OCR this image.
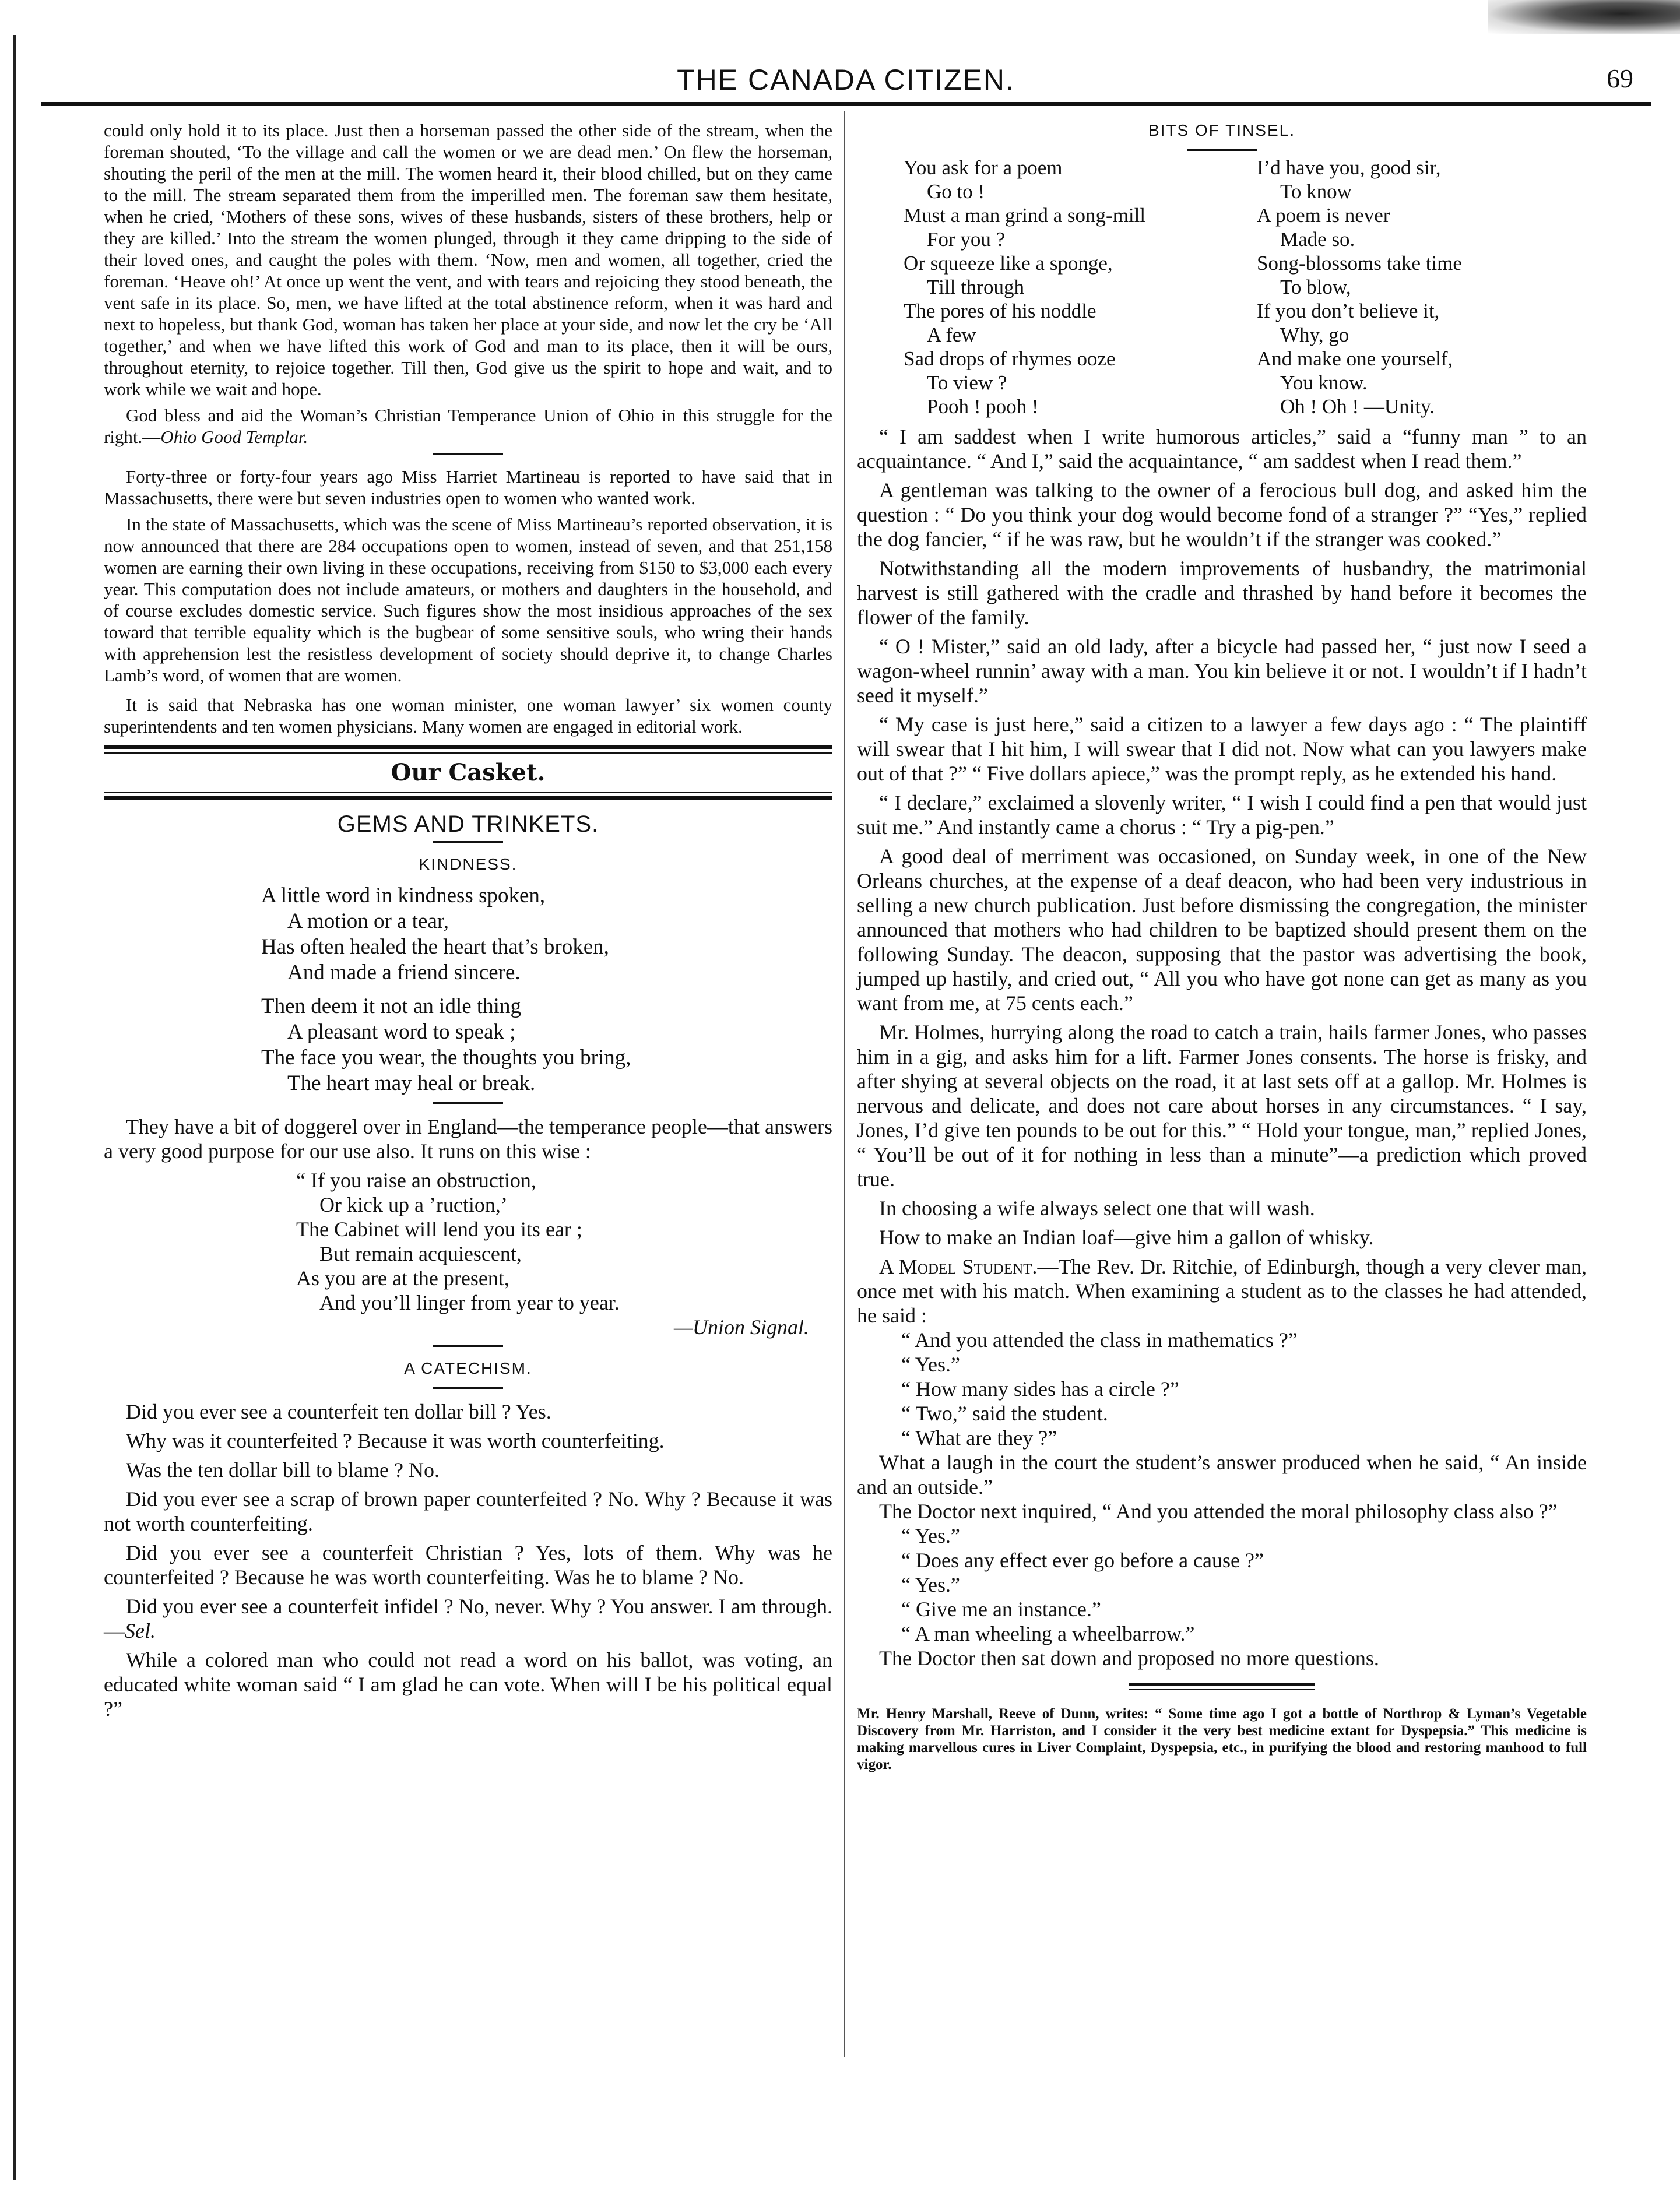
THE CANADA CITIZEN.	69

could only hold it to its place. Just then a horseman passed the other side of the stream, when the foreman shouted, ‘To the village and call the women or we are dead men.’ On flew the horseman, shouting the peril of the men at the mill. The women heard it, their blood chilled, but on they came to the mill. The stream separated them from the imperilled men. The foreman saw them hesitate, when he cried, ‘Mothers of these sons, wives of these husbands, sisters of these brothers, help or they are killed.’ Into the stream the women plunged, through it they came dripping to the side of their loved ones, and caught the poles with them. ‘Now, men and women, all together, cried the foreman. ‘Heave oh!’ At once up went the vent, and with tears and rejoicing they stood beneath, the vent safe in its place. So, men, we have lifted at the total abstinence reform, when it was hard and next to hopeless, but thank God, woman has taken her place at your side, and now let the cry be ‘All together,’ and when we have lifted this work of God and man to its place, then it will be ours, throughout eternity, to rejoice together. Till then, God give us the spirit to hope and wait, and to work while we wait and hope.

God bless and aid the Woman’s Christian Temperance Union of Ohio in this struggle for the right.—Ohio Good Templar.

Forty-three or forty-four years ago Miss Harriet Martineau is reported to have said that in Massachusetts, there were but seven industries open to women who wanted work.

In the state of Massachusetts, which was the scene of Miss Martineau’s reported observation, it is now announced that there are 284 occupations open to women, instead of seven, and that 251,158 women are earning their own living in these occupations, receiving from $150 to $3,000 each every year. This computation does not include amateurs, or mothers and daughters in the household, and of course excludes domestic service. Such figures show the most insidious approaches of the sex toward that terrible equality which is the bugbear of some sensitive souls, who wring their hands with apprehension lest the resistless development of society should deprive it, to change Charles Lamb’s word, of women that are women.

It is said that Nebraska has one woman minister, one woman lawyer’ six women county superintendents and ten women physicians. Many women are engaged in editorial work.

Our Casket.
GEMS AND TRINKETS.
KINDNESS.
A little word in kindness spoken,
A motion or a tear,
Has often healed the heart that’s broken,
And made a friend sincere.
Then deem it not an idle thing
A pleasant word to speak ;
The face you wear, the thoughts you bring,
The heart may heal or break.

They have a bit of doggerel over in England—the temperance people—that answers a very good purpose for our use also. It runs on this wise :

“ If you raise an obstruction,
Or kick up a ’ruction,’
The Cabinet will lend you its ear ;
But remain acquiescent,
As you are at the present,
And you’ll linger from year to year.
—Union Signal.
A CATECHISM.

Did you ever see a counterfeit ten dollar bill ? Yes.

Why was it counterfeited ? Because it was worth counterfeiting.

Was the ten dollar bill to blame ? No.

Did you ever see a scrap of brown paper counterfeited ? No. Why ? Because it was not worth counterfeiting.

Did you ever see a counterfeit Christian ? Yes, lots of them. Why was he counterfeited ? Because he was worth counterfeiting. Was he to blame ? No.

Did you ever see a counterfeit infidel ? No, never. Why ? You answer. I am through.—Sel.

While a colored man who could not read a word on his ballot, was voting, an educated white woman said “ I am glad he can vote. When will I be his political equal ?”

BITS OF TINSEL.
You ask for a poem
Go to !
Must a man grind a song-mill
For you ?
Or squeeze like a sponge,
Till through
The pores of his noddle
A few
Sad drops of rhymes ooze
To view ?
Pooh ! pooh !
I’d have you, good sir,
To know
A poem is never
Made so.
Song-blossoms take time
To blow,
If you don’t believe it,
Why, go
And make one yourself,
You know.
Oh ! Oh ! —Unity.

“ I am saddest when I write humorous articles,” said a “funny man ” to an acquaintance. “ And I,” said the acquaintance, “ am saddest when I read them.”

A gentleman was talking to the owner of a ferocious bull dog, and asked him the question : “ Do you think your dog would become fond of a stranger ?” “Yes,” replied the dog fancier, “ if he was raw, but he wouldn’t if the stranger was cooked.”

Notwithstanding all the modern improvements of husbandry, the matrimonial harvest is still gathered with the cradle and thrashed by hand before it becomes the flower of the family.

“ O ! Mister,” said an old lady, after a bicycle had passed her, “ just now I seed a wagon-wheel runnin’ away with a man. You kin believe it or not. I wouldn’t if I hadn’t seed it myself.”

“ My case is just here,” said a citizen to a lawyer a few days ago : “ The plaintiff will swear that I hit him, I will swear that I did not. Now what can you lawyers make out of that ?” “ Five dollars apiece,” was the prompt reply, as he extended his hand.

“ I declare,” exclaimed a slovenly writer, “ I wish I could find a pen that would just suit me.” And instantly came a chorus : “ Try a pig-pen.”

A good deal of merriment was occasioned, on Sunday week, in one of the New Orleans churches, at the expense of a deaf deacon, who had been very industrious in selling a new church publication. Just before dismissing the congregation, the minister announced that mothers who had children to be baptized should present them on the following Sunday. The deacon, supposing that the pastor was advertising the book, jumped up hastily, and cried out, “ All you who have got none can get as many as you want from me, at 75 cents each.”

Mr. Holmes, hurrying along the road to catch a train, hails farmer Jones, who passes him in a gig, and asks him for a lift. Farmer Jones consents. The horse is frisky, and after shying at several objects on the road, it at last sets off at a gallop. Mr. Holmes is nervous and delicate, and does not care about horses in any circumstances. “ I say, Jones, I’d give ten pounds to be out for this.” “ Hold your tongue, man,” replied Jones, “ You’ll be out of it for nothing in less than a minute”—a prediction which proved true.

In choosing a wife always select one that will wash.

How to make an Indian loaf—give him a gallon of whisky.

A Model Student.—The Rev. Dr. Ritchie, of Edinburgh, though a very clever man, once met with his match. When examining a student as to the classes he had attended, he said :

“ And you attended the class in mathematics ?”
“ Yes.”
“ How many sides has a circle ?”
“ Two,” said the student.
“ What are they ?”

What a laugh in the court the student’s answer produced when he said, “ An inside and an outside.”

The Doctor next inquired, “ And you attended the moral philosophy class also ?”

“ Yes.”
“ Does any effect ever go before a cause ?”
“ Yes.”
“ Give me an instance.”
“ A man wheeling a wheelbarrow.”

The Doctor then sat down and proposed no more questions.

Mr. Henry Marshall, Reeve of Dunn, writes: “ Some time ago I got a bottle of Northrop & Lyman’s Vegetable Discovery from Mr. Harriston, and I consider it the very best medicine extant for Dyspepsia.” This medicine is making marvellous cures in Liver Complaint, Dyspepsia, etc., in purifying the blood and restoring manhood to full vigor.
